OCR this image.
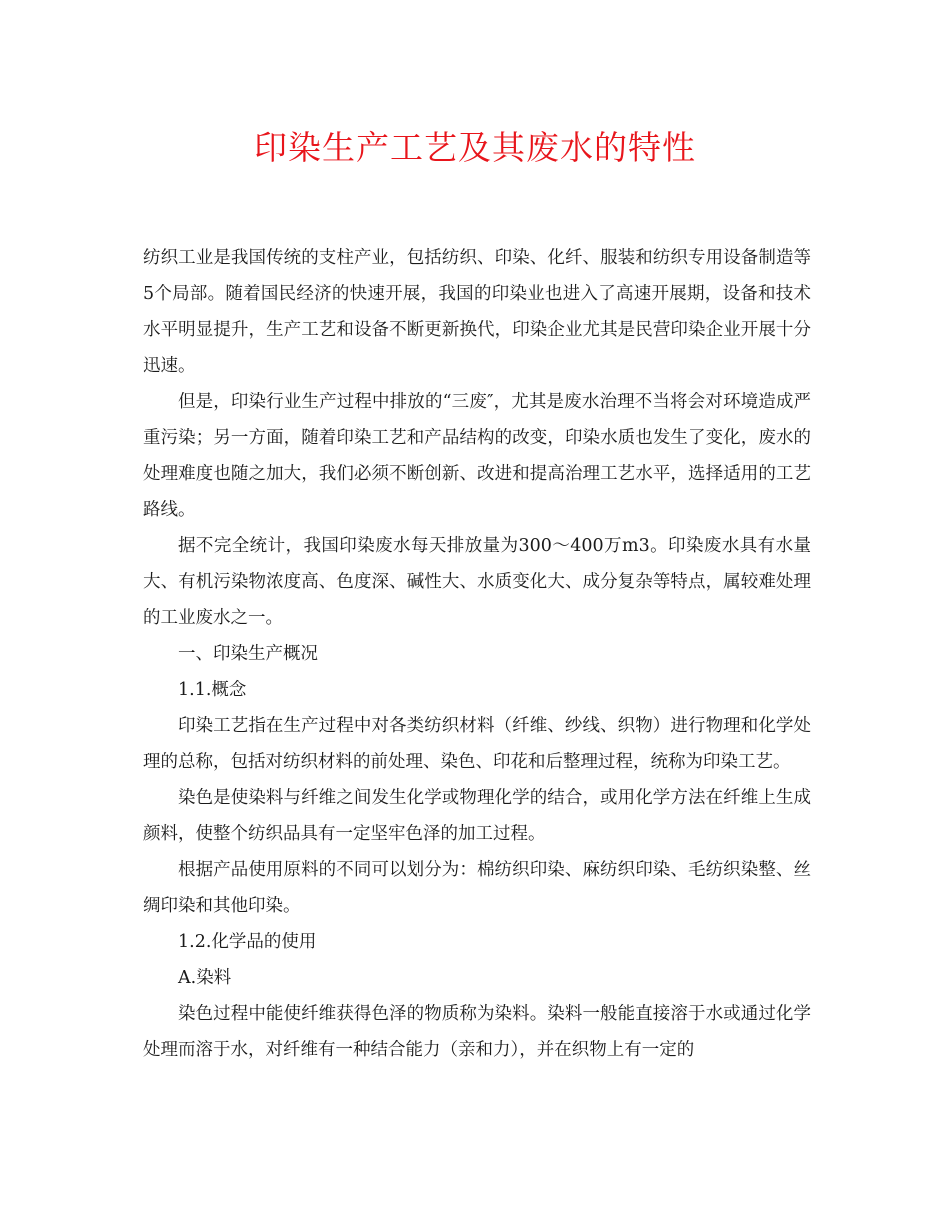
印染生产工艺及其废水的特性

纺织工业是我国传统的支柱产业，包括纺织、印染、化纤、服装和纺织专用设备制造等5个局部。随着国民经济的快速开展，我国的印染业也进入了高速开展期，设备和技术水平明显提升，生产工艺和设备不断更新换代，印染企业尤其是民营印染企业开展十分迅速。

但是，印染行业生产过程中排放的“三废″，尤其是废水治理不当将会对环境造成严重污染；另一方面，随着印染工艺和产品结构的改变，印染水质也发生了变化，废水的处理难度也随之加大，我们必须不断创新、改进和提高治理工艺水平，选择适用的工艺路线。

据不完全统计，我国印染废水每天排放量为300～400万m3。印染废水具有水量大、有机污染物浓度高、色度深、碱性大、水质变化大、成分复杂等特点，属较难处理的工业废水之一。

一、印染生产概况

1.1.概念

印染工艺指在生产过程中对各类纺织材料（纤维、纱线、织物）进行物理和化学处理的总称，包括对纺织材料的前处理、染色、印花和后整理过程，统称为印染工艺。

染色是使染料与纤维之间发生化学或物理化学的结合，或用化学方法在纤维上生成颜料，使整个纺织品具有一定坚牢色泽的加工过程。

根据产品使用原料的不同可以划分为：棉纺织印染、麻纺织印染、毛纺织染整、丝绸印染和其他印染。

1.2.化学品的使用

A.染料

染色过程中能使纤维获得色泽的物质称为染料。染料一般能直接溶于水或通过化学处理而溶于水，对纤维有一种结合能力（亲和力），并在织物上有一定的
